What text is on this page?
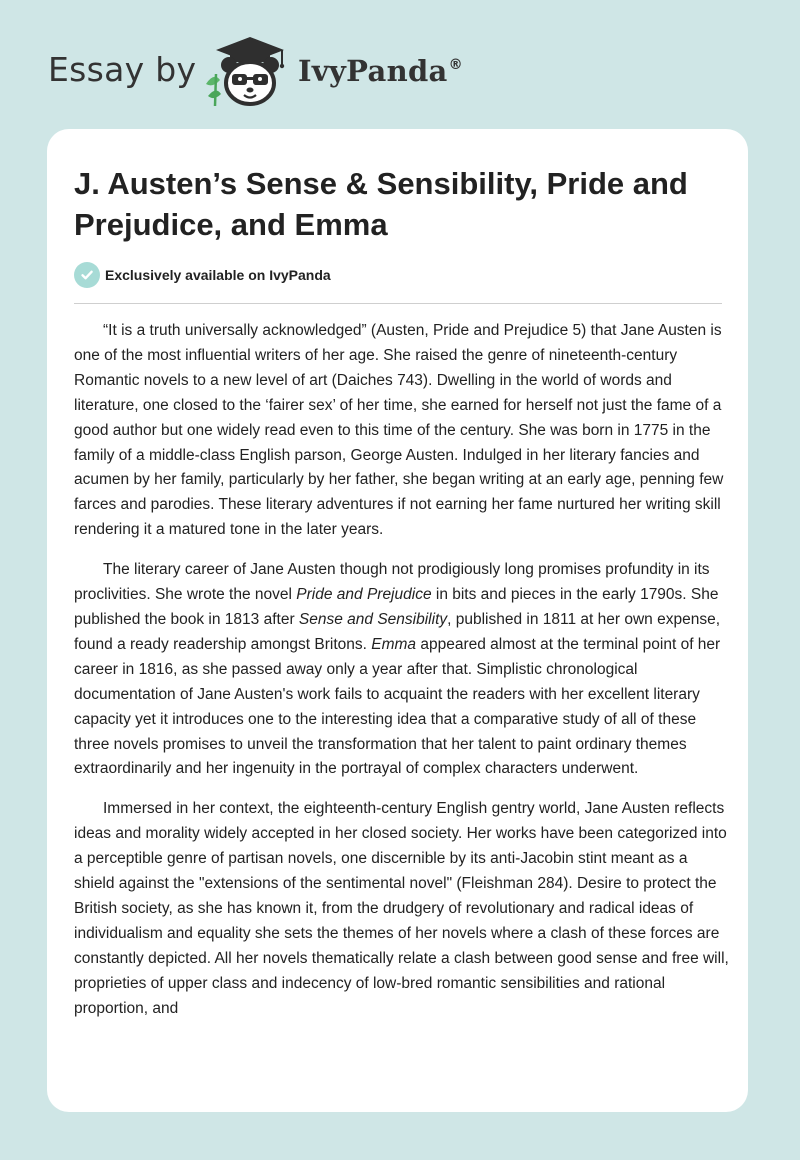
Essay by	IvyPanda®
J. Austen’s Sense & Sensibility, Pride and Prejudice, and Emma
Exclusively available on IvyPanda

“It is a truth universally acknowledged” (Austen, Pride and Prejudice 5) that Jane Austen is one of the most influential writers of her age. She raised the genre of nineteenth-century Romantic novels to a new level of art (Daiches 743). Dwelling in the world of words and literature, one closed to the ‘fairer sex’ of her time, she earned for herself not just the fame of a good author but one widely read even to this time of the century. She was born in 1775 in the family of a middle-class English parson, George Austen. Indulged in her literary fancies and acumen by her family, particularly by her father, she began writing at an early age, penning few farces and parodies. These literary adventures if not earning her fame nurtured her writing skill rendering it a matured tone in the later years.

The literary career of Jane Austen though not prodigiously long promises profundity in its proclivities. She wrote the novel Pride and Prejudice in bits and pieces in the early 1790s. She published the book in 1813 after Sense and Sensibility, published in 1811 at her own expense, found a ready readership amongst Britons. Emma appeared almost at the terminal point of her career in 1816, as she passed away only a year after that. Simplistic chronological documentation of Jane Austen's work fails to acquaint the readers with her excellent literary capacity yet it introduces one to the interesting idea that a comparative study of all of these three novels promises to unveil the transformation that her talent to paint ordinary themes extraordinarily and her ingenuity in the portrayal of complex characters underwent.

Immersed in her context, the eighteenth-century English gentry world, Jane Austen reflects ideas and morality widely accepted in her closed society. Her works have been categorized into a perceptible genre of partisan novels, one discernible by its anti-Jacobin stint meant as a shield against the "extensions of the sentimental novel" (Fleishman 284). Desire to protect the British society, as she has known it, from the drudgery of revolutionary and radical ideas of individualism and equality she sets the themes of her novels where a clash of these forces are constantly depicted. All her novels thematically relate a clash between good sense and free will, proprieties of upper class and indecency of low-bred romantic sensibilities and rational proportion, and
